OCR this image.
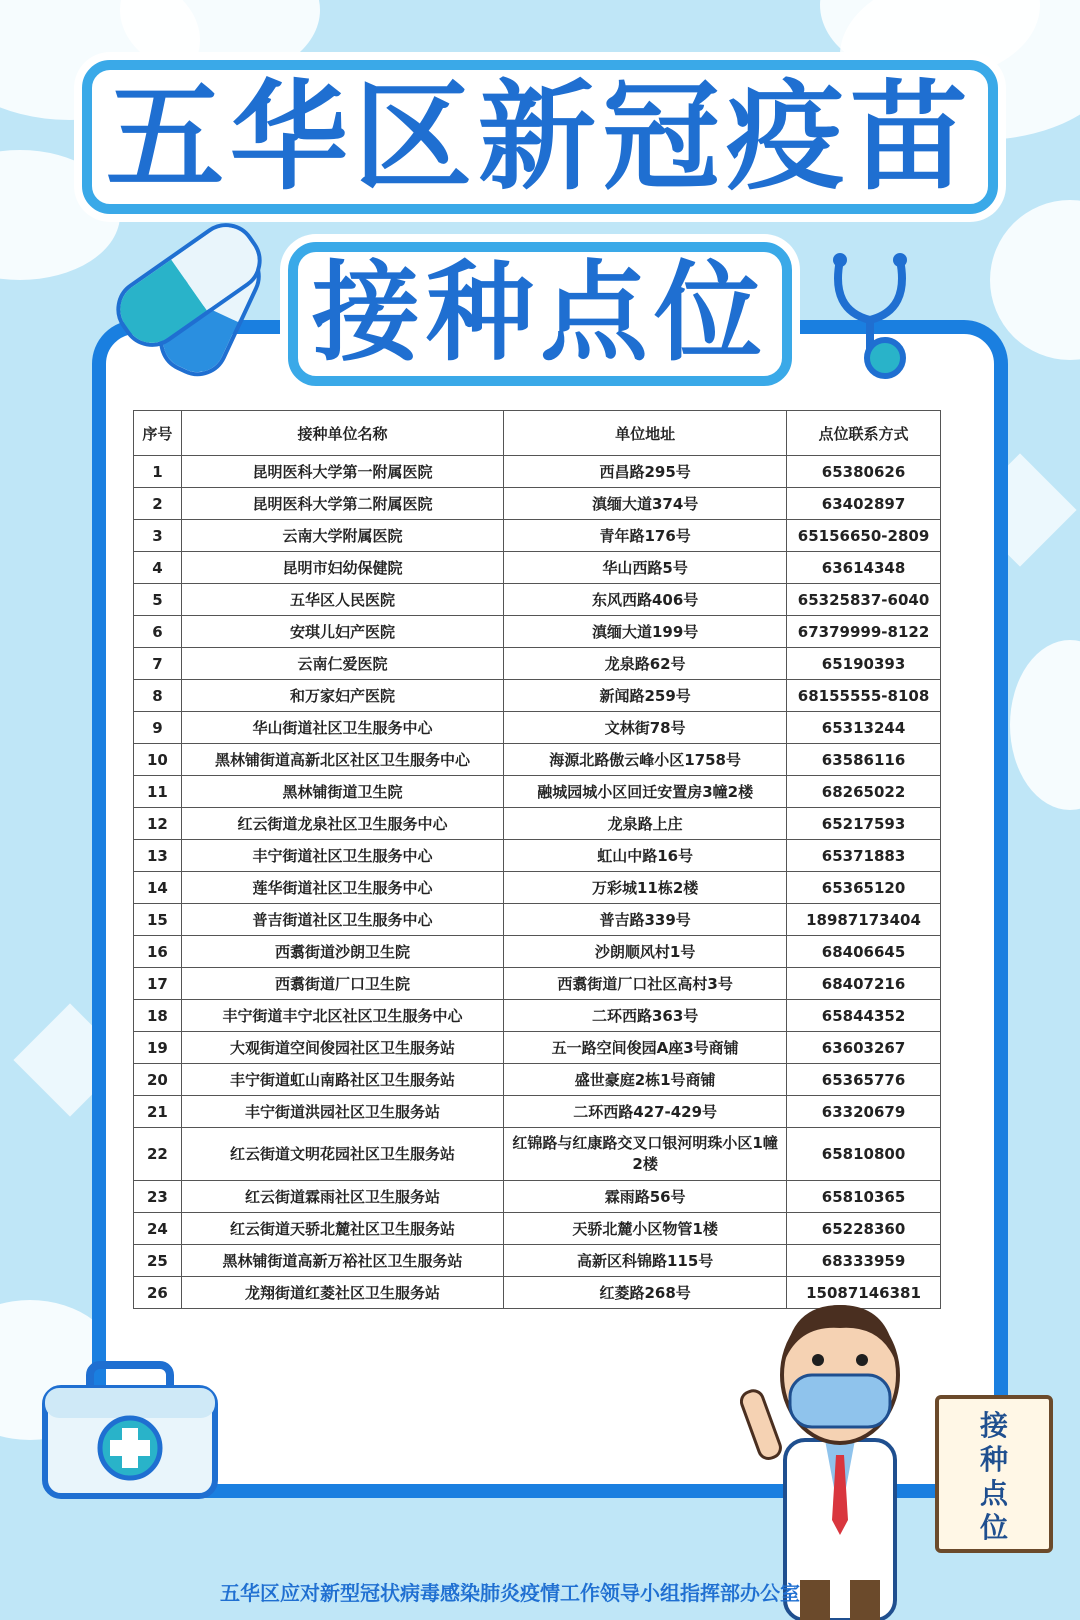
五华区新冠疫苗
接种点位
序号	接种单位名称	单位地址	点位联系方式
1	昆明医科大学第一附属医院	西昌路295号	65380626
2	昆明医科大学第二附属医院	滇缅大道374号	63402897
3	云南大学附属医院	青年路176号	65156650-2809
4	昆明市妇幼保健院	华山西路5号	63614348
5	五华区人民医院	东风西路406号	65325837-6040
6	安琪儿妇产医院	滇缅大道199号	67379999-8122
7	云南仁爱医院	龙泉路62号	65190393
8	和万家妇产医院	新闻路259号	68155555-8108
9	华山街道社区卫生服务中心	文林街78号	65313244
10	黑林铺街道高新北区社区卫生服务中心	海源北路傲云峰小区1758号	63586116
11	黑林铺街道卫生院	融城园城小区回迁安置房3幢2楼	68265022
12	红云街道龙泉社区卫生服务中心	龙泉路上庄	65217593
13	丰宁街道社区卫生服务中心	虹山中路16号	65371883
14	莲华街道社区卫生服务中心	万彩城11栋2楼	65365120
15	普吉街道社区卫生服务中心	普吉路339号	18987173404
16	西翥街道沙朗卫生院	沙朗顺风村1号	68406645
17	西翥街道厂口卫生院	西翥街道厂口社区高村3号	68407216
18	丰宁街道丰宁北区社区卫生服务中心	二环西路363号	65844352
19	大观街道空间俊园社区卫生服务站	五一路空间俊园A座3号商铺	63603267
20	丰宁街道虹山南路社区卫生服务站	盛世豪庭2栋1号商铺	65365776
21	丰宁街道洪园社区卫生服务站	二环西路427-429号	63320679
22	红云街道文明花园社区卫生服务站	红锦路与红康路交叉口银河明珠小区1幢2楼	65810800
23	红云街道霖雨社区卫生服务站	霖雨路56号	65810365
24	红云街道天骄北麓社区卫生服务站	天骄北麓小区物管1楼	65228360
25	黑林铺街道高新万裕社区卫生服务站	高新区科锦路115号	68333959
26	龙翔街道红菱社区卫生服务站	红菱路268号	15087146381
接
种
点
位
五华区应对新型冠状病毒感染肺炎疫情工作领导小组指挥部办公室
